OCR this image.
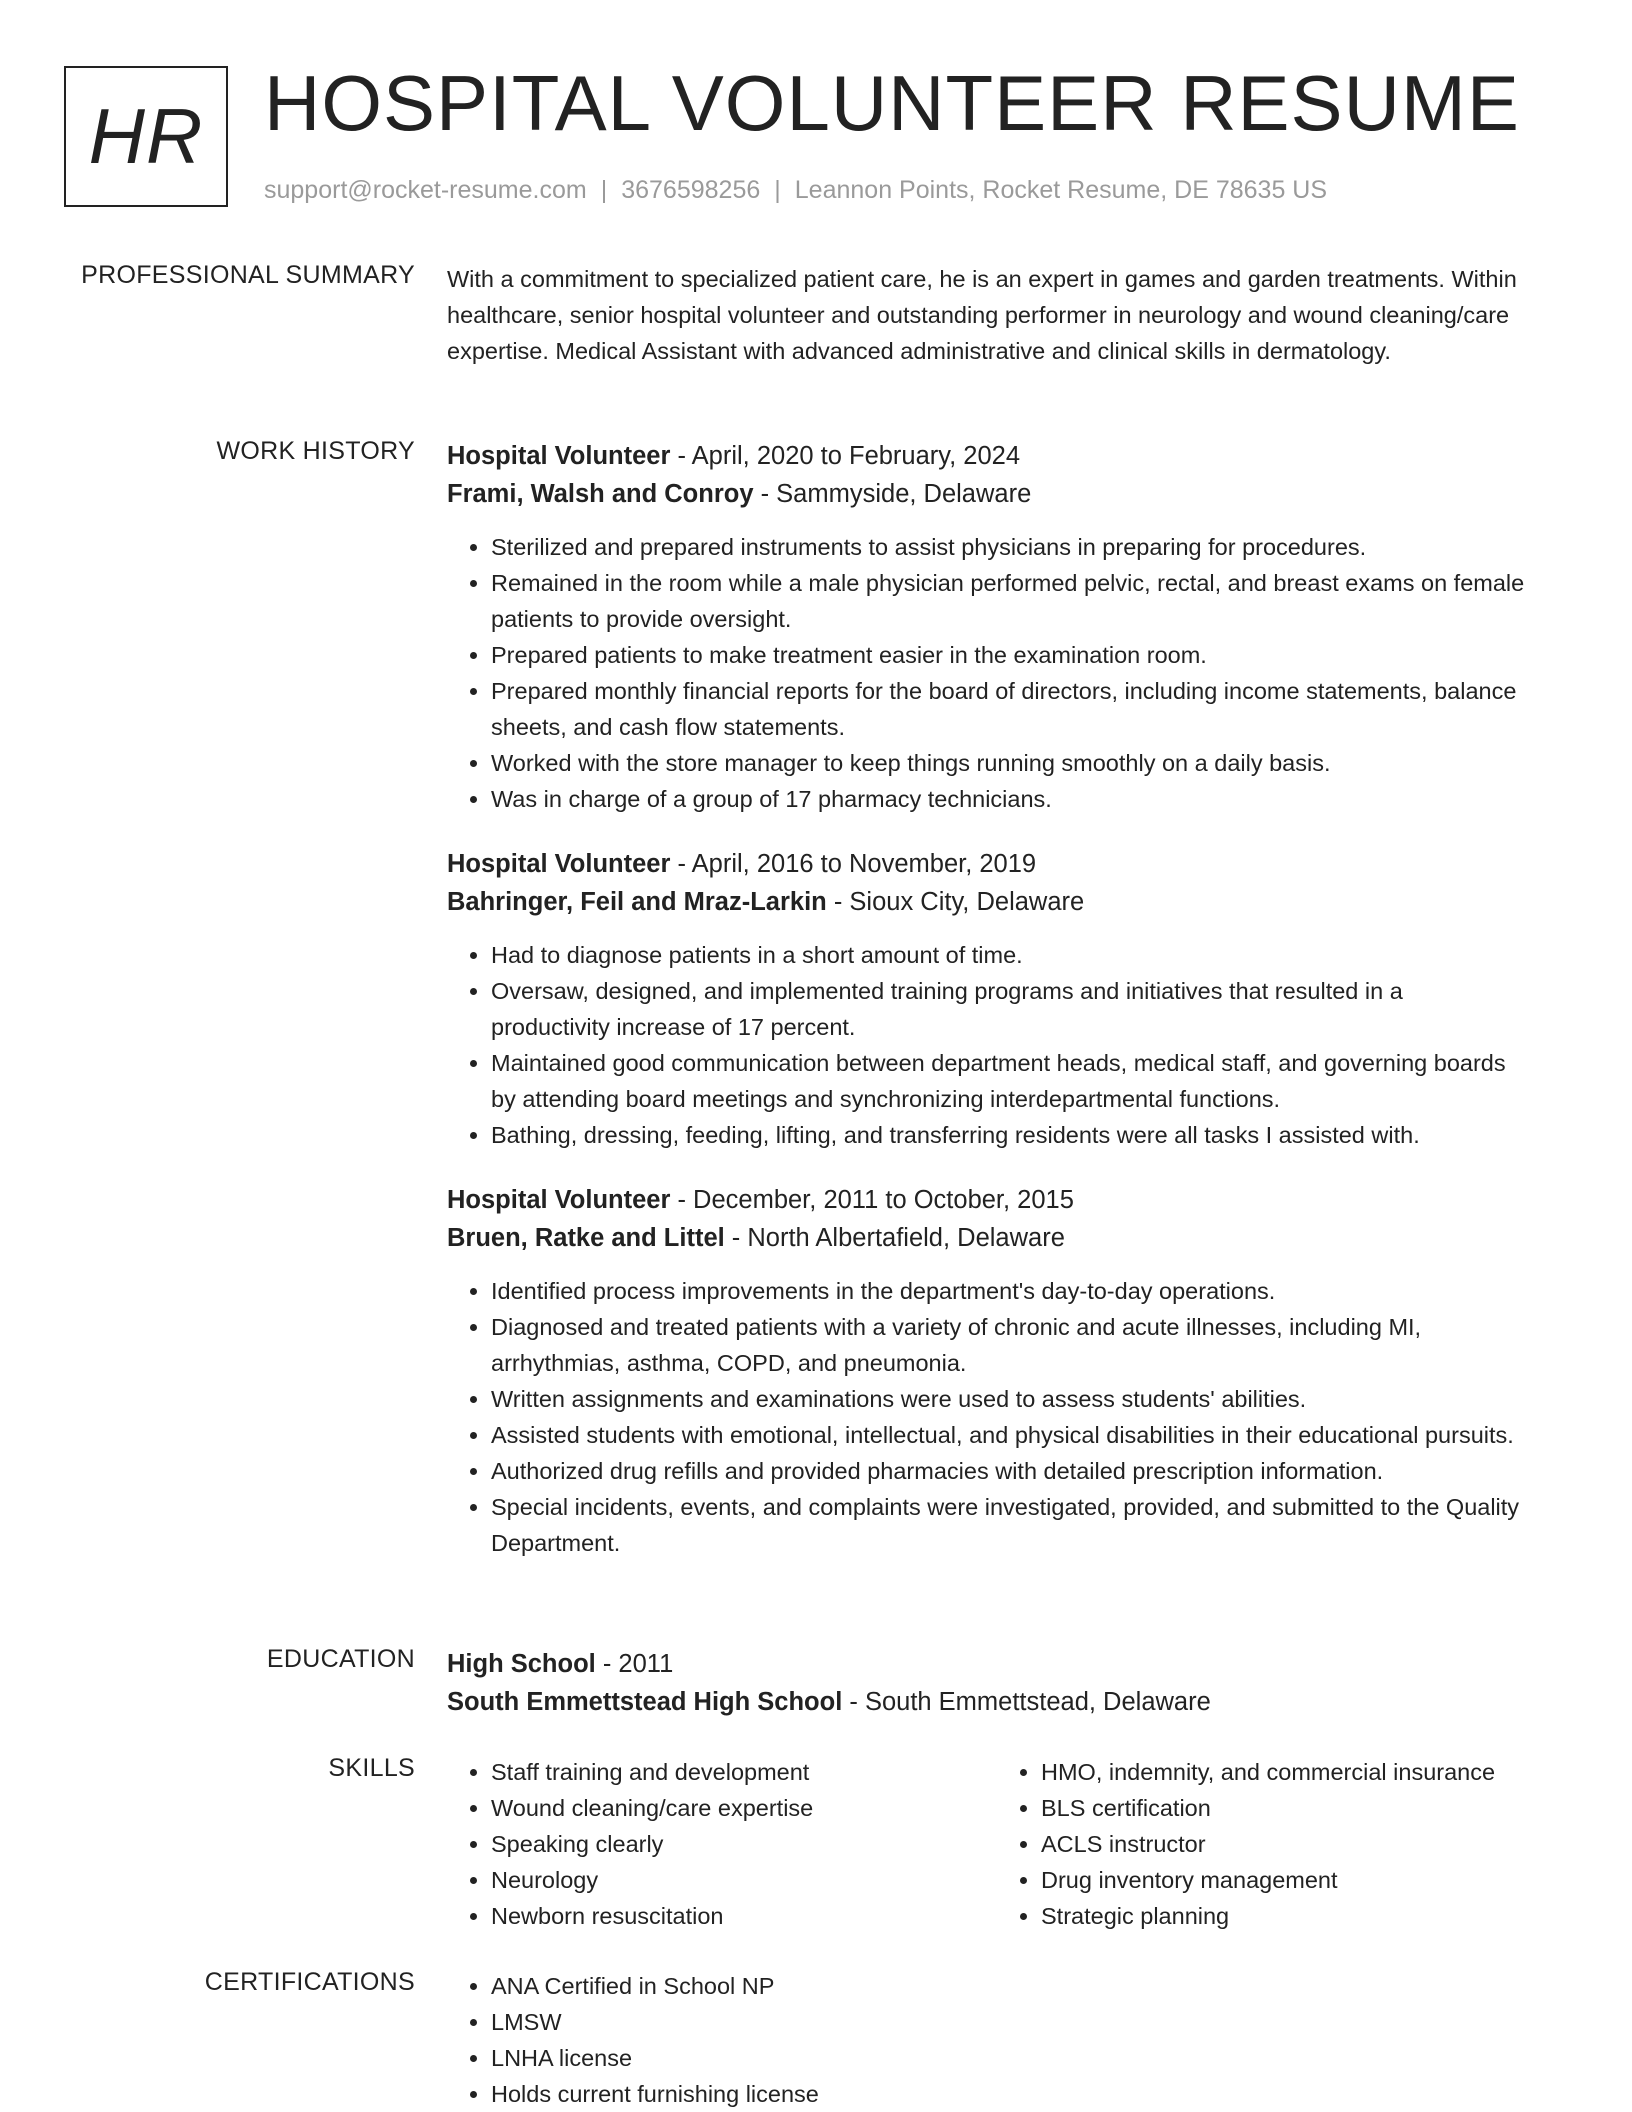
HR HOSPITAL VOLUNTEER RESUME
support@rocket-resume.com | 3676598256 | Leannon Points, Rocket Resume, DE 78635 US
PROFESSIONAL SUMMARY With a commitment to specialized patient care, he is an expert in games and garden treatments. Within healthcare, senior hospital volunteer and outstanding performer in neurology and wound cleaning/care expertise. Medical Assistant with advanced administrative and clinical skills in dermatology.

WORK HISTORY Hospital Volunteer - April, 2020 to February, 2024
Frami, Walsh and Conroy - Sammyside, Delaware
• Sterilized and prepared instruments to assist physicians in preparing for procedures.
• Remained in the room while a male physician performed pelvic, rectal, and breast exams on female patients to provide oversight.
• Prepared patients to make treatment easier in the examination room.
• Prepared monthly financial reports for the board of directors, including income statements, balance sheets, and cash flow statements.
• Worked with the store manager to keep things running smoothly on a daily basis.
• Was in charge of a group of 17 pharmacy technicians.
Hospital Volunteer - April, 2016 to November, 2019
Bahringer, Feil and Mraz-Larkin - Sioux City, Delaware
• Had to diagnose patients in a short amount of time.
• Oversaw, designed, and implemented training programs and initiatives that resulted in a productivity increase of 17 percent.
• Maintained good communication between department heads, medical staff, and governing boards by attending board meetings and synchronizing interdepartmental functions.
• Bathing, dressing, feeding, lifting, and transferring residents were all tasks I assisted with.
Hospital Volunteer - December, 2011 to October, 2015
Bruen, Ratke and Littel - North Albertafield, Delaware
• Identified process improvements in the department's day-to-day operations.
• Diagnosed and treated patients with a variety of chronic and acute illnesses, including MI, arrhythmias, asthma, COPD, and pneumonia.
• Written assignments and examinations were used to assess students' abilities.
• Assisted students with emotional, intellectual, and physical disabilities in their educational pursuits.
• Authorized drug refills and provided pharmacies with detailed prescription information.
• Special incidents, events, and complaints were investigated, provided, and submitted to the Quality Department.
EDUCATION High School - 2011
South Emmettstead High School - South Emmettstead, Delaware
SKILLS	• Staff training and development
• Wound cleaning/care expertise
• Speaking clearly
• Neurology
• Newborn resuscitation
• HMO, indemnity, and commercial insurance
• BLS certification
• ACLS instructor
• Drug inventory management
• Strategic planning
CERTIFICATIONS	• ANA Certified in School NP
• LMSW
• LNHA license
• Holds current furnishing license
